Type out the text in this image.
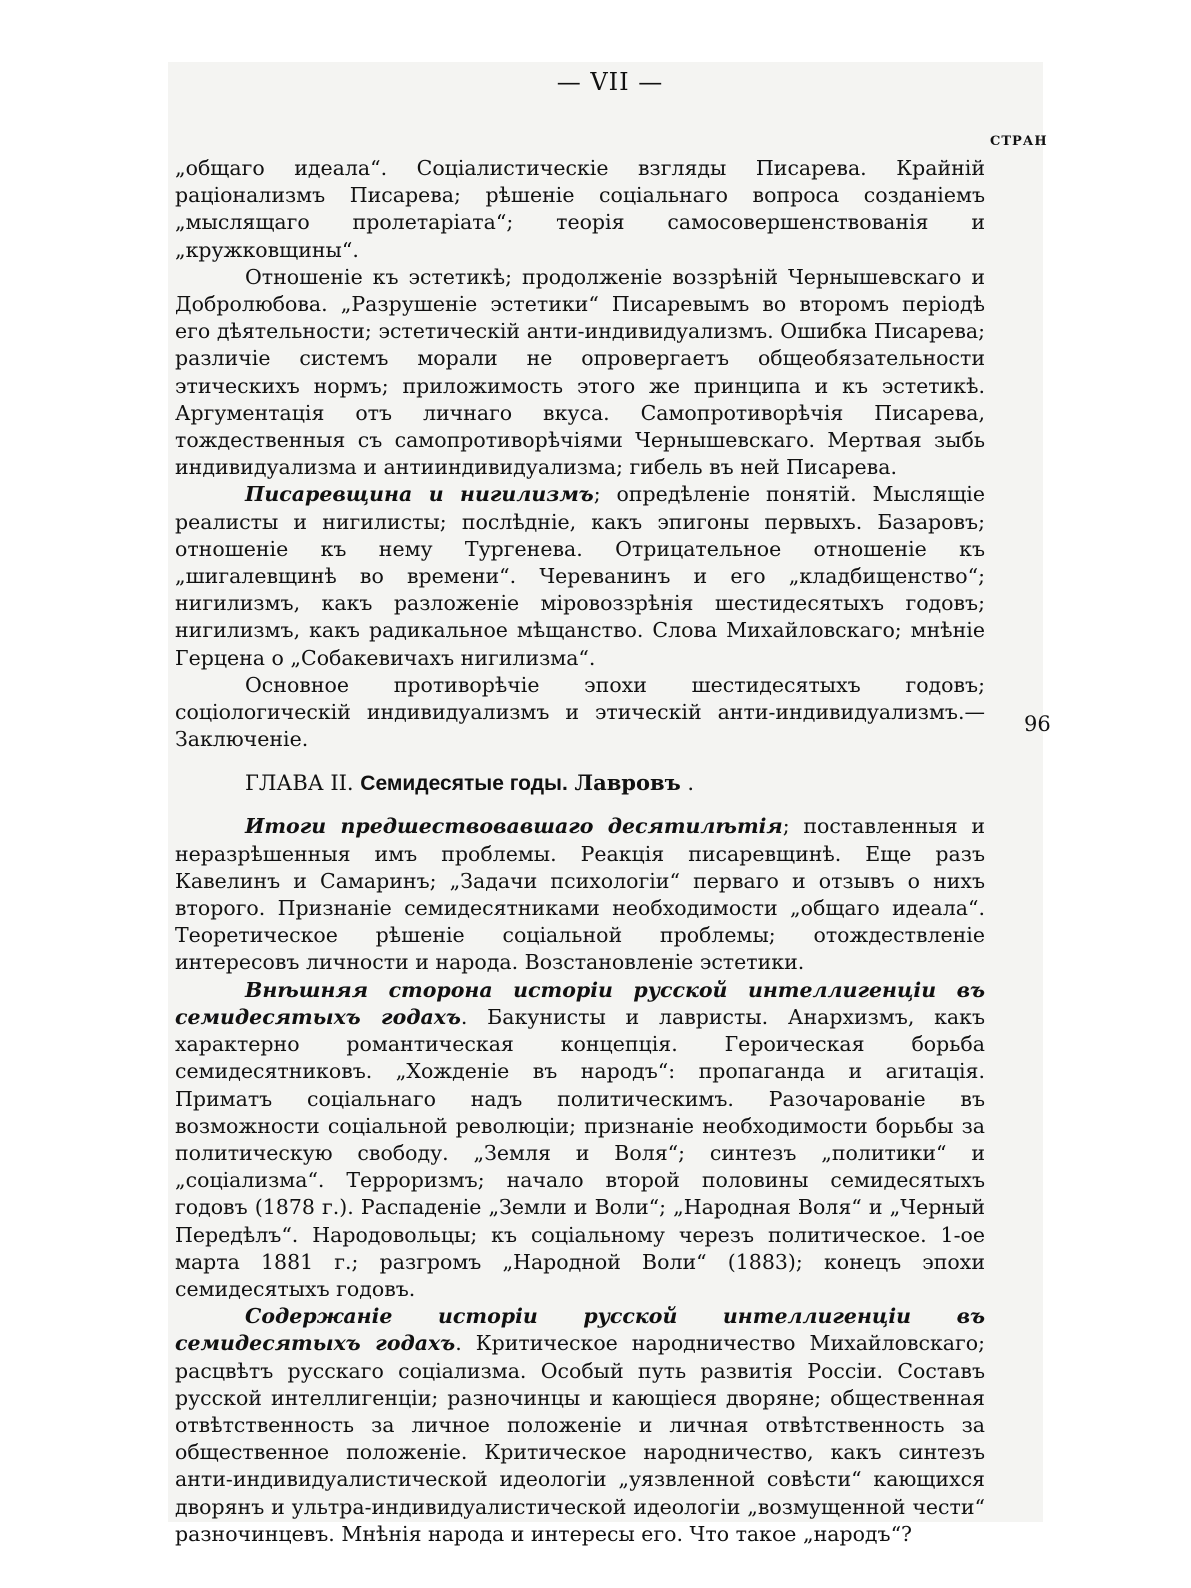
— VII —
СТРАН
96

„общаго идеала“. Соціалистическіе взгляды Писарева. Крайній раціонализмъ Писарева; рѣшеніе соціальнаго вопроса созданіемъ „мыслящаго пролетаріата“; теорія самосовершенствованія и „кружковщины“.

Отношеніе къ эстетикѣ; продолженіе воззрѣній Чернышевскаго и Добролюбова. „Разрушеніе эстетики“ Писаревымъ во второмъ періодѣ его дѣятельности; эстетическій анти-индивидуализмъ. Ошибка Писарева; различіе системъ морали не опровергаетъ общеобязательности этическихъ нормъ; приложимость этого же принципа и къ эстетикѣ. Аргументація отъ личнаго вкуса. Самопротиворѣчія Писарева, тождественныя съ самопротиворѣчіями Чернышевскаго. Мертвая зыбь индивидуализма и антииндивидуализма; гибель въ ней Писарева.

Писаревщина и нигилизмъ; опредѣленіе понятій. Мыслящіе реалисты и нигилисты; послѣдніе, какъ эпигоны первыхъ. Базаровъ; отношеніе къ нему Тургенева. Отрицательное отношеніе къ „шигалевщинѣ во времени“. Череванинъ и его „кладбищенство“; нигилизмъ, какъ разложеніе міровоззрѣнія шестидесятыхъ годовъ; нигилизмъ, какъ радикальное мѣщанство. Слова Михайловскаго; мнѣніе Герцена о „Собакевичахъ нигилизма“.

Основное противорѣчіе эпохи шестидесятыхъ годовъ; соціологическій индивидуализмъ и этическій анти-индивидуализмъ.—Заключеніе.

ГЛАВА II. Семидесятые годы. Лавровъ .

Итоги предшествовавшаго десятилѣтія; поставленныя и неразрѣшенныя имъ проблемы. Реакція писаревщинѣ. Еще разъ Кавелинъ и Самаринъ; „Задачи психологіи“ перваго и отзывъ о нихъ второго. Признаніе семидесятниками необходимости „общаго идеала“. Теоретическое рѣшеніе соціальной проблемы; отождествленіе интересовъ личности и народа. Возстановленіе эстетики.

Внѣшняя сторона исторіи русской интеллигенціи въ семидесятыхъ годахъ. Бакунисты и лавристы. Анархизмъ, какъ характерно романтическая концепція. Героическая борьба семидесятниковъ. „Хожденіе въ народъ“: пропаганда и агитація. Приматъ соціальнаго надъ политическимъ. Разочарованіе въ возможности соціальной революціи; признаніе необходимости борьбы за политическую свободу. „Земля и Воля“; синтезъ „политики“ и „соціализма“. Терроризмъ; начало второй половины семидесятыхъ годовъ (1878 г.). Распаденіе „Земли и Воли“; „Народная Воля“ и „Черный Передѣлъ“. Народовольцы; къ соціальному черезъ политическое. 1-ое марта 1881 г.; разгромъ „Народной Воли“ (1883); конецъ эпохи семидесятыхъ годовъ.

Содержаніе исторіи русской интеллигенціи въ семидесятыхъ годахъ. Критическое народничество Михайловскаго; расцвѣтъ русскаго соціализма. Особый путь развитія Россіи. Составъ русской интеллигенціи; разночинцы и кающіеся дворяне; общественная отвѣтственность за личное положеніе и личная отвѣтственность за общественное положеніе. Критическое народничество, какъ синтезъ анти-индивидуалистической идеологіи „уязвленной совѣсти“ кающихся дворянъ и ультра-индивидуалистической идеологіи „возмущенной чести“ разночинцевъ. Мнѣнія народа и интересы его. Что такое „народъ“?
